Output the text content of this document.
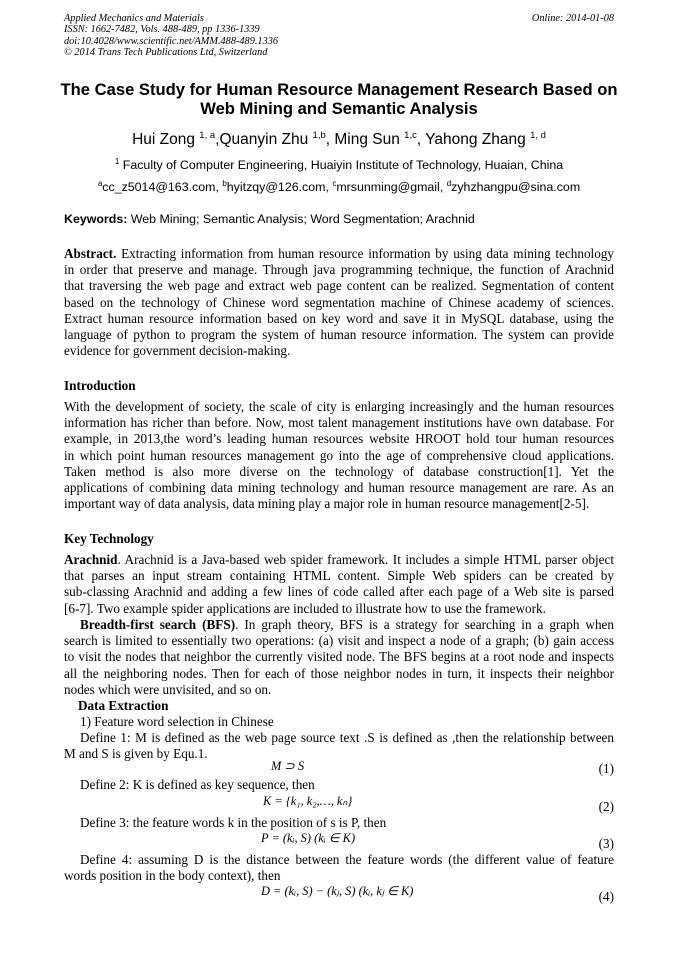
Applied Mechanics and Materials
ISSN: 1662-7482, Vols. 488-489, pp 1336-1339
doi:10.4028/www.scientific.net/AMM.488-489.1336
© 2014 Trans Tech Publications Ltd, Switzerland
Online: 2014-01-08
The Case Study for Human Resource Management Research Based on
Web Mining and Semantic Analysis
Hui Zong $^{1, a}$,Quanyin Zhu $^{1,b}$, Ming Sun $^{1,c}$, Yahong Zhang $^{1, d}$
$^1$ Faculty of Computer Engineering, Huaiyin Institute of Technology, Huaian, China
$^a$cc_z5014@163.com, $^b$hyitzqy@126.com, $^c$mrsunming@gmail, $^d$zyhzhangpu@sina.com
Keywords: Web Mining; Semantic Analysis; Word Segmentation; Arachnid
Abstract. Extracting information from human resource information by using data mining technology
in order that preserve and manage. Through java programming technique, the function of Arachnid
that traversing the web page and extract web page content can be realized. Segmentation of content
based on the technology of Chinese word segmentation machine of Chinese academy of sciences.
Extract human resource information based on key word and save it in MySQL database, using the
language of python to program the system of human resource information. The system can provide
evidence for government decision-making.
Introduction
With the development of society, the scale of city is enlarging increasingly and the human resources
information has richer than before. Now, most talent management institutions have own database. For
example, in 2013,the word’s leading human resources website HROOT hold tour human resources
in which point human resources management go into the age of comprehensive cloud applications.
Taken method is also more diverse on the technology of database construction[1]. Yet the
applications of combining data mining technology and human resource management are rare. As an
important way of data analysis, data mining play a major role in human resource management[2-5].
Key Technology
Arachnid. Arachnid is a Java-based web spider framework. It includes a simple HTML parser object
that parses an input stream containing HTML content. Simple Web spiders can be created by
sub-classing Arachnid and adding a few lines of code called after each page of a Web site is parsed
[6-7]. Two example spider applications are included to illustrate how to use the framework.
Breadth-first search (BFS). In graph theory, BFS is a strategy for searching in a graph when
search is limited to essentially two operations: (a) visit and inspect a node of a graph; (b) gain access
to visit the nodes that neighbor the currently visited node. The BFS begins at a root node and inspects
all the neighboring nodes. Then for each of those neighbor nodes in turn, it inspects their neighbor
nodes which were unvisited, and so on.
Data Extraction
1) Feature word selection in Chinese
Define 1: M is defined as the web page source text .S is defined as ,then the relationship between
M and S is given by Equ.1.
M ⊃ S	(1)
Define 2: K is defined as key sequence, then
K = {k₁, k₂,…, kₙ}	(2)
Define 3: the feature words k in the position of s is P, then
P = (kᵢ, S) (kᵢ ∈ K)	(3)
Define 4: assuming D is the distance between the feature words (the different value of feature
words position in the body context), then
D = (kᵢ, S) − (kⱼ, S) (kᵢ, kⱼ ∈ K)	(4)
